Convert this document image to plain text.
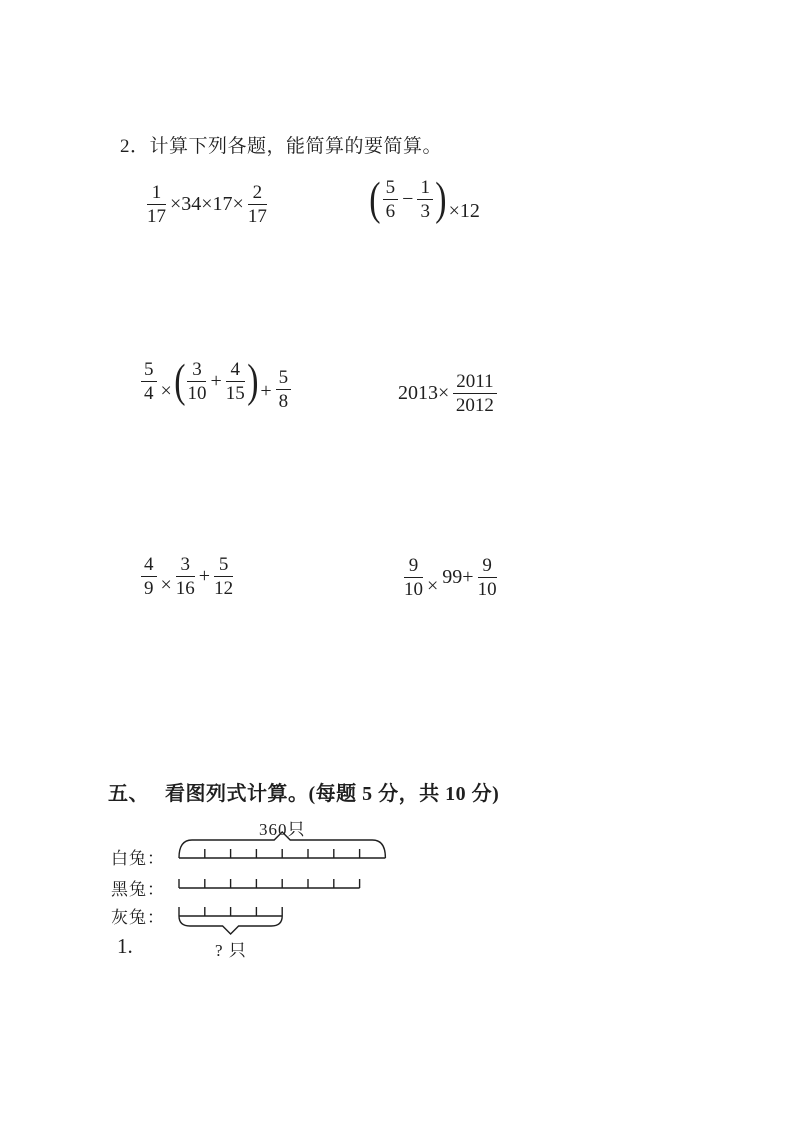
2．计算下列各题，能简算的要简算。
$\frac{1}{17} \times 34\times 17\times \frac{2}{17}$ ( 5
6
− $\frac{1}{3}$ ) ×12
$\frac{5}{4}$ × ( 3
10
+ $\frac{4}{15}$ ) + $\frac{5}{8}$	$2013\times \frac{2011}{2012}$
$\frac{4}{9} \times \frac{3}{16} + \frac{5}{12}$	$\frac{9}{10} \times 99+ \frac{9}{10}$
五、 看图列式计算。(每题 5 分，共 10 分)
360只
白兔：
黑兔：
灰兔：
? 只
1.
